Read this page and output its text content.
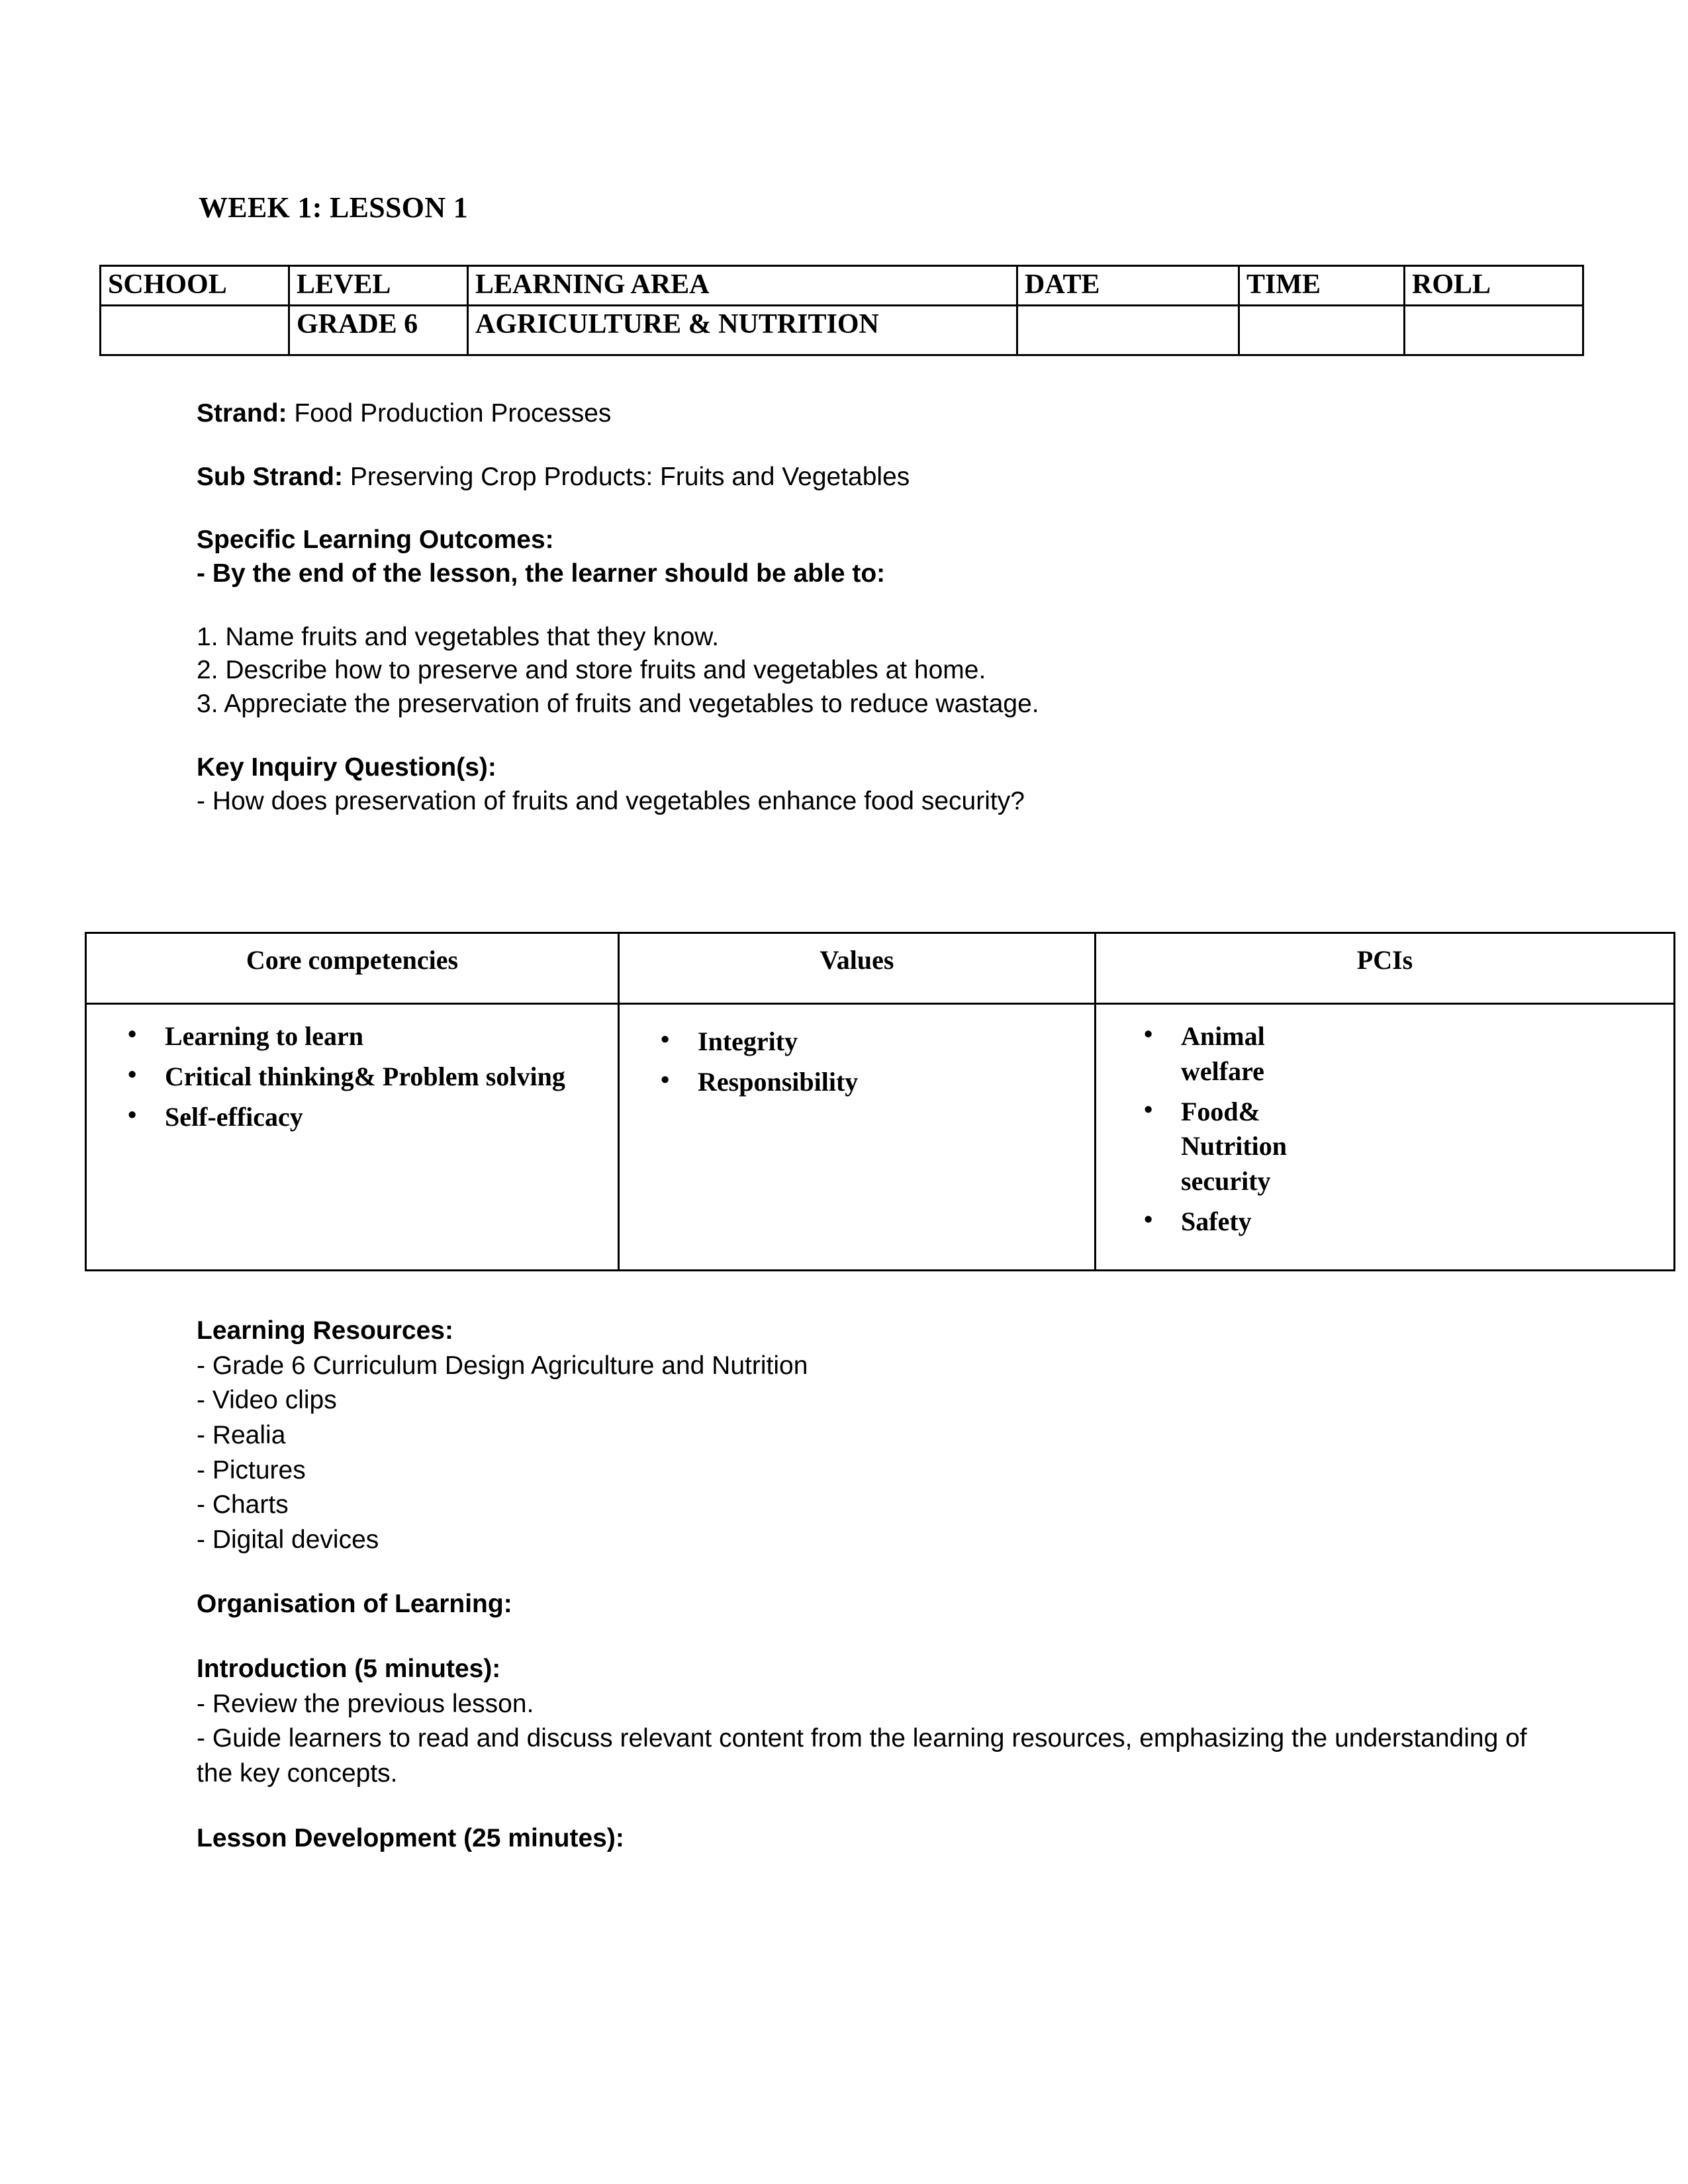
WEEK 1: LESSON 1
SCHOOL	LEVEL	LEARNING AREA	DATE	TIME	ROLL
	GRADE 6	AGRICULTURE & NUTRITION			
Strand: Food Production Processes
Sub Strand: Preserving Crop Products: Fruits and Vegetables
Specific Learning Outcomes:
- By the end of the lesson, the learner should be able to:
1. Name fruits and vegetables that they know.
2. Describe how to preserve and store fruits and vegetables at home.
3. Appreciate the preservation of fruits and vegetables to reduce wastage.
Key Inquiry Question(s):
- How does preservation of fruits and vegetables enhance food security?
Core competencies	Values	PCIs

• Learning to learn
• Critical thinking& Problem solving
• Self-efficacy

• Integrity
• Responsibility

• Animal welfare
• Food& Nutrition security
• Safety
Learning Resources:
- Grade 6 Curriculum Design Agriculture and Nutrition
- Video clips
- Realia
- Pictures
- Charts
- Digital devices
Organisation of Learning:
Introduction (5 minutes):
- Review the previous lesson.
- Guide learners to read and discuss relevant content from the learning resources, emphasizing the understanding of the key concepts.
Lesson Development (25 minutes):
